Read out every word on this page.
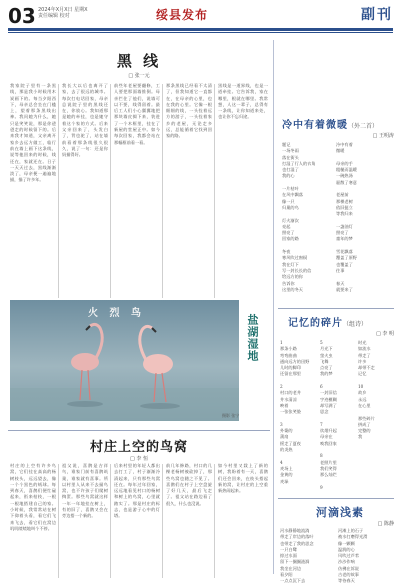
03 2024年X月X日 星期X
责任编辑 校对	绥县发布	副刊
黑 线
□ 张一元
我家院子里有一条黑线，那是我小时候用木炭画下的。每当夕阳西下，母亲总会坐在门槛上，望着那条黑线出神。我问她为什么，她只是笑笑说，那是你爸爸走的时候留下的。后来我才知道，父亲离开家乡去远方做工，临行前在墙上画下这条线，说等他回来的时候，线还在，家就还在。日子一天天过去，黑线渐渐淡了，母亲便一遍遍地描，描了许多年。
我长大以后也离开了家，去了很远的城市。每次打电话回家，母亲总说院子里的黑线还在，你放心。我知道那是她的牵挂，也是她守着这个家的方式。后来父亲回来了，头发白了，背也驼了，站在墙前看着那条线很久很久，说了一句：还是你妈描得好。
前些年老屋要翻修，工人要把那面墙推倒。母亲拦住了他们，说墙可以不要，线得留着。最后工人们小心翼翼地把那块墙皮揭下来，装进了一个木框里，挂在了新屋的堂屋正中。如今每次回家，我都会站在那幅框前看一看。
那条黑线已经看不太清了，但我知道它一直都在，在母亲的心里，也在我的心里。它像一根细细的线，一头拴着远方的游子，一头拴着家乡的老屋，无论走多远，总能循着它找到回家的路。
黑线是一道界线，也是一道牵挂。它告诉我，家在哪里，根就在哪里。我常想，人这一辈子，总得有一条线，让你知道来处，也让你不忘归途。
火 烈 鸟
盐湖湿地
摄影 张宁
村庄上空的鸟窝
□ 李 恒
村庄的上空有许多鸟窝，它们挂在高高的杨树枝头，远远望去，像一个个黑色的绒球。每到春天，喜鹊们便忙碌起来，衔来枯枝，一根一根地搭建自己的家。小时候，我常常站在树下仰着头看，看它们飞来飞去，看它们在窝边叽叽喳喳地叫个不停。
祖父说，喜鹊是吉祥鸟，谁家门前有喜鹊筑巢，谁家就有喜事。所以村里人从来不去捅鸟窝，也不许孩子们爬树掏蛋。那些鸟窝就这样一年一年地挂在树上，有的旧了，喜鹊又会在旁边搭一个新的。
后来村里的年轻人都出去打工了，村子渐渐冷清起来，只有那些鸟窝还在。每年过年回家，远远地看见村口的杨树和树上的鸟窝，心里就踏实了。那是村庄的标志，也是游子心中的灯塔。
前几年修路，村口的几棵老杨树被砍掉了，那些鸟窝也随之不见了。喜鹊们在村子上空盘旋了好几天，最后飞走了。祖父站在路边看了很久，什么也没说。
如今村里又栽上了新的树，我盼着有一天，喜鹊们还会回来，在枝头搭起新的窝，让村庄的上空重新热闹起来。
冷中有着微暖（外二首）
□ 王明涛
题记
一场冬雨
落在街头
打湿了行人的衣角
也打湿了
我的心

一片枯叶
在风中飘落
像一只
归巢的鸟

灯火渐次
亮起
照亮了
回家的路

冬夜
寒风吹过窗棂
我在灯下
写一封长长的信
给远方的你
告诉你
这里的冬天
冷中有着
微暖

母亲的手
粗糙而温暖
一碗热汤
驱散了寒意

老屋前
那棵老树
依旧挺立
等我归来

一盏油灯
照亮了
童年的梦

雪花飘落
覆盖了原野
也覆盖了
往事

春天
就要来了
记忆的碎片（组诗）
□ 李 明
1
那条小路
弯弯曲曲
通向远方的田野
儿时的脚印
还留在那里

2
村口的老井
井水清凉
映着
一张张笑脸

3
外婆的
蒲扇
摇走了夏夜
的炎热

4
麦场上
金黄的
麦垛
5
月光下
萤火虫
飞舞
点亮了
我的梦

6
一封旧信
字迹模糊
却写满了
思念

7
炊烟升起
母亲在
唤我回家

8
老照片里
我们笑得
那么灿烂

9
时光
如流水
带走了
许多
却带不走
记忆

10
故乡
永远
在心里

那些碎片
拼成了
完整的
我
河滴浅素
□ 陈静
河水静静地流淌
带走了岸边的落叶
也带走了我的思念
一只白鹭
掠过水面
留下一圈圈涟漪
我坐在河边
看夕阳
一点点沉下去
河滩上的石子
被水打磨得光滑
像一颗颗
温润的心
风吹过芦苇
沙沙作响
仿佛在诉说
古老的故事
等待春天
